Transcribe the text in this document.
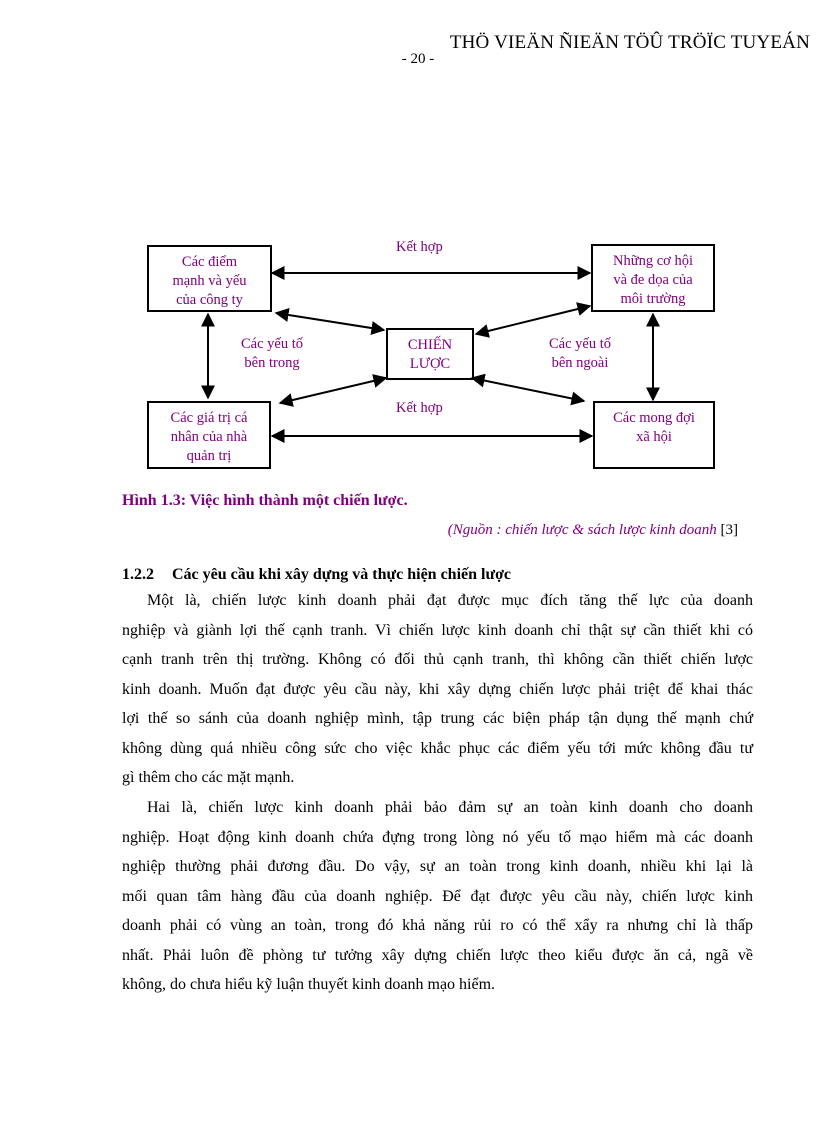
THÖ VIEÄN ÑIEÄN TÖÛ TRÖÏC TUYEÁN
- 20 -
Các điểm
mạnh và yếu
của công ty
Những cơ hội
và đe dọa của
môi trường
CHIẾN
LƯỢC
Các giá trị cá
nhân của nhà
quản trị
Các mong đợi
xã hội
Kết hợp
Kết hợp
Các yếu tố
bên trong
Các yếu tố
bên ngoài
Hình 1.3: Việc hình thành một chiến lược.
(Nguồn : chiến lược & sách lược kinh doanh [3]
1.2.2 Các yêu cầu khi xây dựng và thực hiện chiến lược
Một là, chiến lược kinh doanh phải đạt được mục đích tăng thế lực của doanh
nghiệp và giành lợi thế cạnh tranh. Vì chiến lược kinh doanh chỉ thật sự cần thiết khi có
cạnh tranh trên thị trường. Không có đối thủ cạnh tranh, thì không cần thiết chiến lược
kinh doanh. Muốn đạt được yêu cầu này, khi xây dựng chiến lược phải triệt để khai thác
lợi thế so sánh của doanh nghiệp mình, tập trung các biện pháp tận dụng thế mạnh chứ
không dùng quá nhiều công sức cho việc khắc phục các điểm yếu tới mức không đầu tư
gì thêm cho các mặt mạnh.
Hai là, chiến lược kinh doanh phải bảo đảm sự an toàn kinh doanh cho doanh
nghiệp. Hoạt động kinh doanh chứa đựng trong lòng nó yếu tố mạo hiểm mà các doanh
nghiệp thường phải đương đầu. Do vậy, sự an toàn trong kinh doanh, nhiều khi lại là
mối quan tâm hàng đầu của doanh nghiệp. Để đạt được yêu cầu này, chiến lược kinh
doanh phải có vùng an toàn, trong đó khả năng rủi ro có thể xẩy ra nhưng chỉ là thấp
nhất. Phải luôn đề phòng tư tưởng xây dựng chiến lược theo kiểu được ăn cả, ngã về
không, do chưa hiểu kỹ luận thuyết kinh doanh mạo hiểm.
